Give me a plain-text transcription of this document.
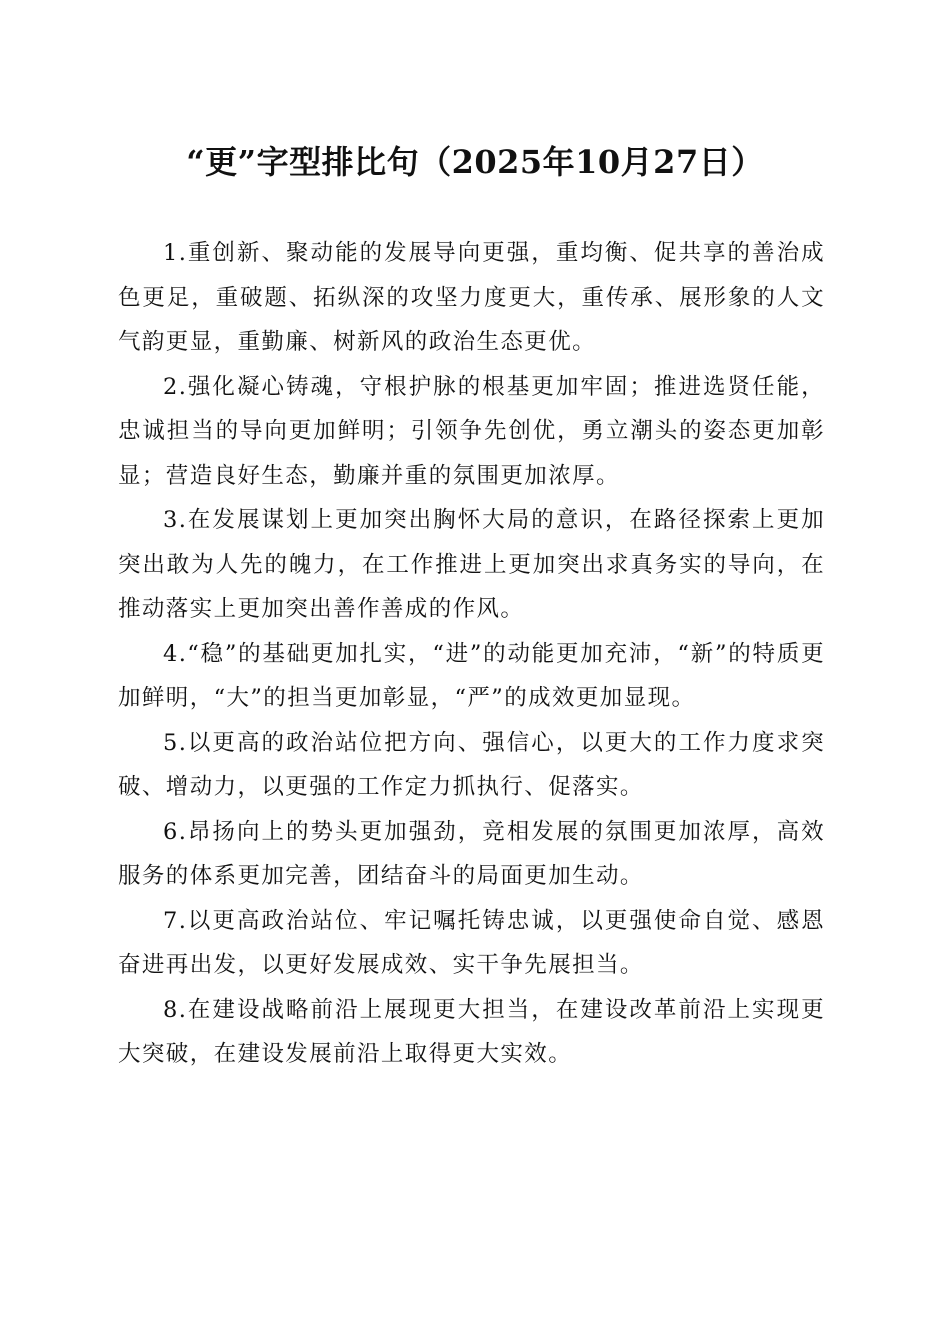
“更”字型排比句（2025年10月27日）

1.重创新、聚动能的发展导向更强，重均衡、促共享的善治成色更足，重破题、拓纵深的攻坚力度更大，重传承、展形象的人文气韵更显，重勤廉、树新风的政治生态更优。

2.强化凝心铸魂，守根护脉的根基更加牢固；推进选贤任能，忠诚担当的导向更加鲜明；引领争先创优，勇立潮头的姿态更加彰显；营造良好生态，勤廉并重的氛围更加浓厚。

3.在发展谋划上更加突出胸怀大局的意识，在路径探索上更加突出敢为人先的魄力，在工作推进上更加突出求真务实的导向，在推动落实上更加突出善作善成的作风。

4.“稳”的基础更加扎实，“进”的动能更加充沛，“新”的特质更加鲜明，“大”的担当更加彰显，“严”的成效更加显现。

5.以更高的政治站位把方向、强信心，以更大的工作力度求突破、增动力，以更强的工作定力抓执行、促落实。

6.昂扬向上的势头更加强劲，竞相发展的氛围更加浓厚，高效服务的体系更加完善，团结奋斗的局面更加生动。

7.以更高政治站位、牢记嘱托铸忠诚，以更强使命自觉、感恩奋进再出发，以更好发展成效、实干争先展担当。

8.在建设战略前沿上展现更大担当，在建设改革前沿上实现更大突破，在建设发展前沿上取得更大实效。
